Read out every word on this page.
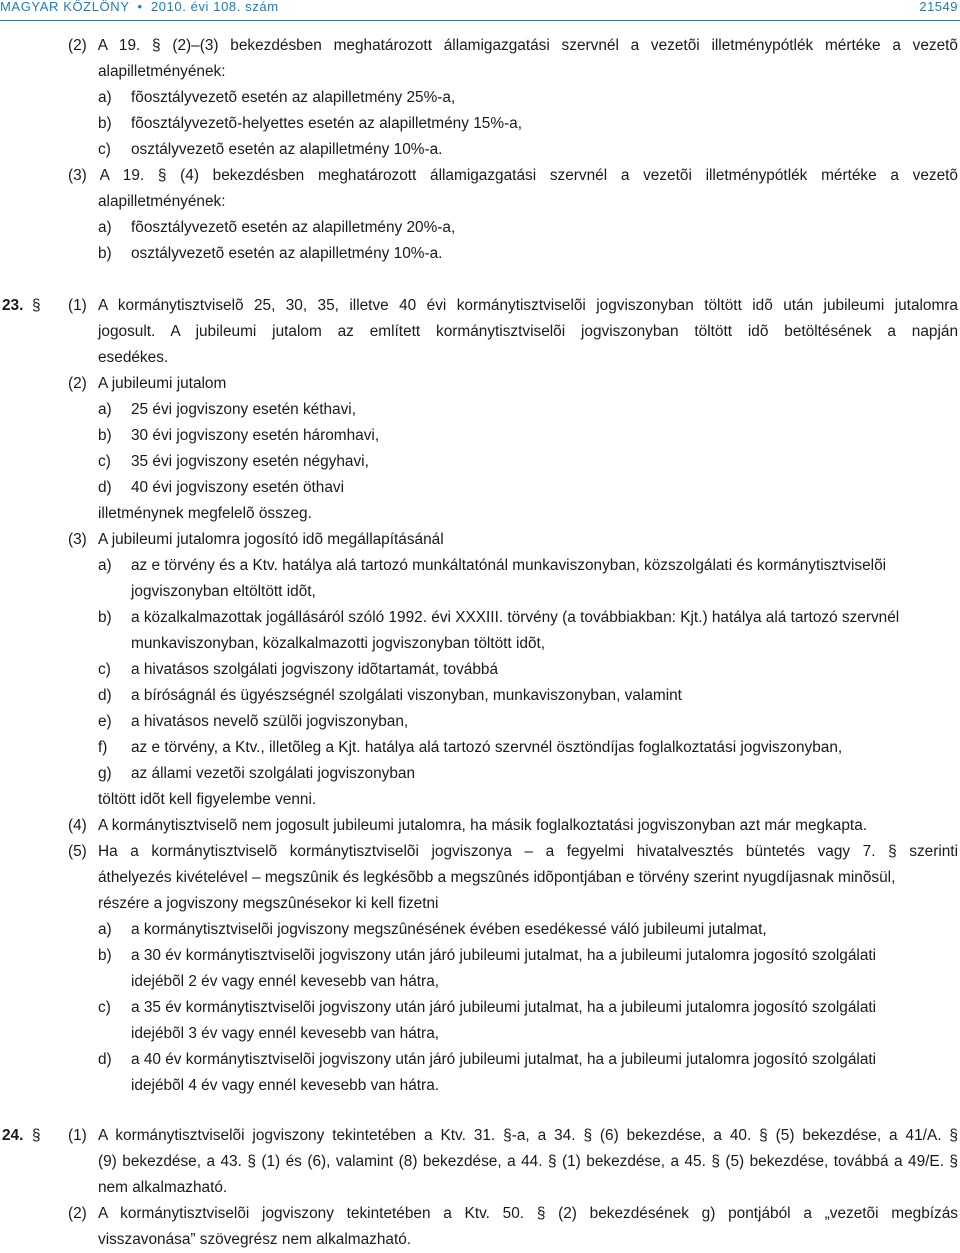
MAGYAR KÖZLÖNY • 2010. évi 108. szám	21549
(2) A 19. § (2)–(3) bekezdésben meghatározott államigazgatási szervnél a vezetõi illetménypótlék mértéke a vezetõ
alapilletményének:
a) fõosztályvezetõ esetén az alapilletmény 25%-a,
b) fõosztályvezetõ-helyettes esetén az alapilletmény 15%-a,
c) osztályvezetõ esetén az alapilletmény 10%-a.
(3) A 19. § (4) bekezdésben meghatározott államigazgatási szervnél a vezetõi illetménypótlék mértéke a vezetõ
alapilletményének:
a) fõosztályvezetõ esetén az alapilletmény 20%-a,
b) osztályvezetõ esetén az alapilletmény 10%-a.
23. § (1) A kormánytisztviselõ 25, 30, 35, illetve 40 évi kormánytisztviselõi jogviszonyban töltött idõ után jubileumi jutalomra
jogosult. A jubileumi jutalom az említett kormánytisztviselõi jogviszonyban töltött idõ betöltésének a napján
esedékes.
(2) A jubileumi jutalom
a) 25 évi jogviszony esetén kéthavi,
b) 30 évi jogviszony esetén háromhavi,
c) 35 évi jogviszony esetén négyhavi,
d) 40 évi jogviszony esetén öthavi
illetménynek megfelelõ összeg.
(3) A jubileumi jutalomra jogosító idõ megállapításánál
a) az e törvény és a Ktv. hatálya alá tartozó munkáltatónál munkaviszonyban, közszolgálati és kormánytisztviselõi
jogviszonyban eltöltött idõt,
b) a közalkalmazottak jogállásáról szóló 1992. évi XXXIII. törvény (a továbbiakban: Kjt.) hatálya alá tartozó szervnél
munkaviszonyban, közalkalmazotti jogviszonyban töltött idõt,
c) a hivatásos szolgálati jogviszony idõtartamát, továbbá
d) a bíróságnál és ügyészségnél szolgálati viszonyban, munkaviszonyban, valamint
e) a hivatásos nevelõ szülõi jogviszonyban,
f) az e törvény, a Ktv., illetõleg a Kjt. hatálya alá tartozó szervnél ösztöndíjas foglalkoztatási jogviszonyban,
g) az állami vezetõi szolgálati jogviszonyban
töltött idõt kell figyelembe venni.
(4) A kormánytisztviselõ nem jogosult jubileumi jutalomra, ha másik foglalkoztatási jogviszonyban azt már megkapta.
(5) Ha a kormánytisztviselõ kormánytisztviselõi jogviszonya – a fegyelmi hivatalvesztés büntetés vagy 7. § szerinti
áthelyezés kivételével – megszûnik és legkésõbb a megszûnés idõpontjában e törvény szerint nyugdíjasnak minõsül,
részére a jogviszony megszûnésekor ki kell fizetni
a) a kormánytisztviselõi jogviszony megszûnésének évében esedékessé váló jubileumi jutalmat,
b) a 30 év kormánytisztviselõi jogviszony után járó jubileumi jutalmat, ha a jubileumi jutalomra jogosító szolgálati
idejébõl 2 év vagy ennél kevesebb van hátra,
c) a 35 év kormánytisztviselõi jogviszony után járó jubileumi jutalmat, ha a jubileumi jutalomra jogosító szolgálati
idejébõl 3 év vagy ennél kevesebb van hátra,
d) a 40 év kormánytisztviselõi jogviszony után járó jubileumi jutalmat, ha a jubileumi jutalomra jogosító szolgálati
idejébõl 4 év vagy ennél kevesebb van hátra.
24. § (1) A kormánytisztviselõi jogviszony tekintetében a Ktv. 31. §-a, a 34. § (6) bekezdése, a 40. § (5) bekezdése, a 41/A. §
(9) bekezdése, a 43. § (1) és (6), valamint (8) bekezdése, a 44. § (1) bekezdése, a 45. § (5) bekezdése, továbbá a 49/E. §
nem alkalmazható.
(2) A kormánytisztviselõi jogviszony tekintetében a Ktv. 50. § (2) bekezdésének g) pontjából a „vezetõi megbízás
visszavonása” szövegrész nem alkalmazható.
